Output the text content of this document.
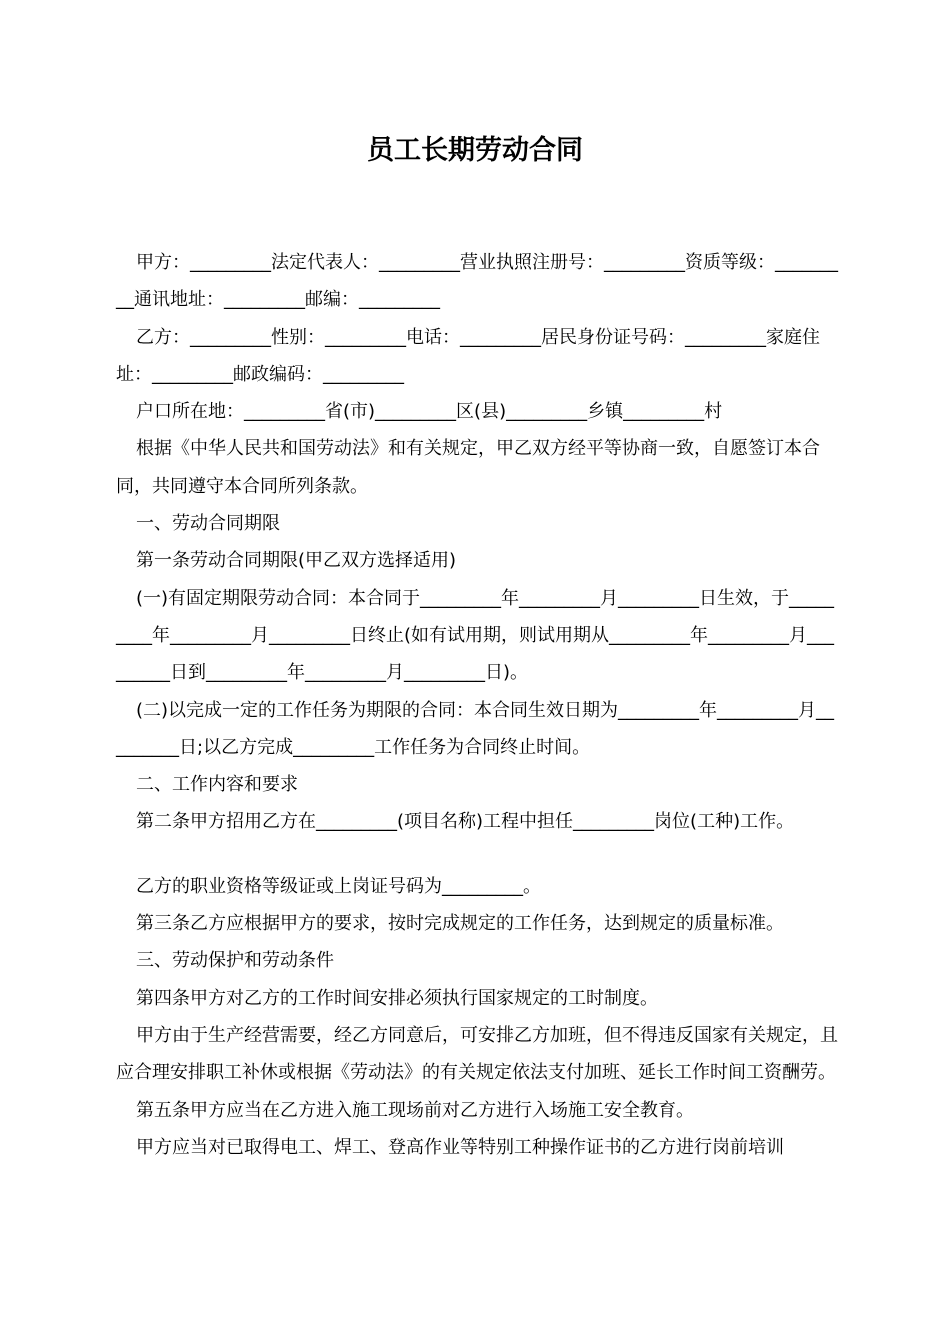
员工长期劳动合同

甲方：_________法定代表人：_________营业执照注册号：_________资质等级：_________通讯地址：_________邮编：_________

乙方：_________性别：_________电话：_________居民身份证号码：_________家庭住址：_________邮政编码：_________

户口所在地：_________省(市)_________区(县)_________乡镇_________村

根据《中华人民共和国劳动法》和有关规定，甲乙双方经平等协商一致，自愿签订本合同，共同遵守本合同所列条款。

一、劳动合同期限

第一条劳动合同期限(甲乙双方选择适用)

(一)有固定期限劳动合同：本合同于_________年_________月_________日生效，于_________年_________月_________日终止(如有试用期，则试用期从_________年_________月_________日到_________年_________月_________日)。

(二)以完成一定的工作任务为期限的合同：本合同生效日期为_________年_________月_________日;以乙方完成_________工作任务为合同终止时间。

二、工作内容和要求

第二条甲方招用乙方在_________(项目名称)工程中担任_________岗位(工种)工作。

乙方的职业资格等级证或上岗证号码为_________。

第三条乙方应根据甲方的要求，按时完成规定的工作任务，达到规定的质量标准。

三、劳动保护和劳动条件

第四条甲方对乙方的工作时间安排必须执行国家规定的工时制度。

甲方由于生产经营需要，经乙方同意后，可安排乙方加班，但不得违反国家有关规定，且应合理安排职工补休或根据《劳动法》的有关规定依法支付加班、延长工作时间工资酬劳。

第五条甲方应当在乙方进入施工现场前对乙方进行入场施工安全教育。

甲方应当对已取得电工、焊工、登高作业等特别工种操作证书的乙方进行岗前培训
